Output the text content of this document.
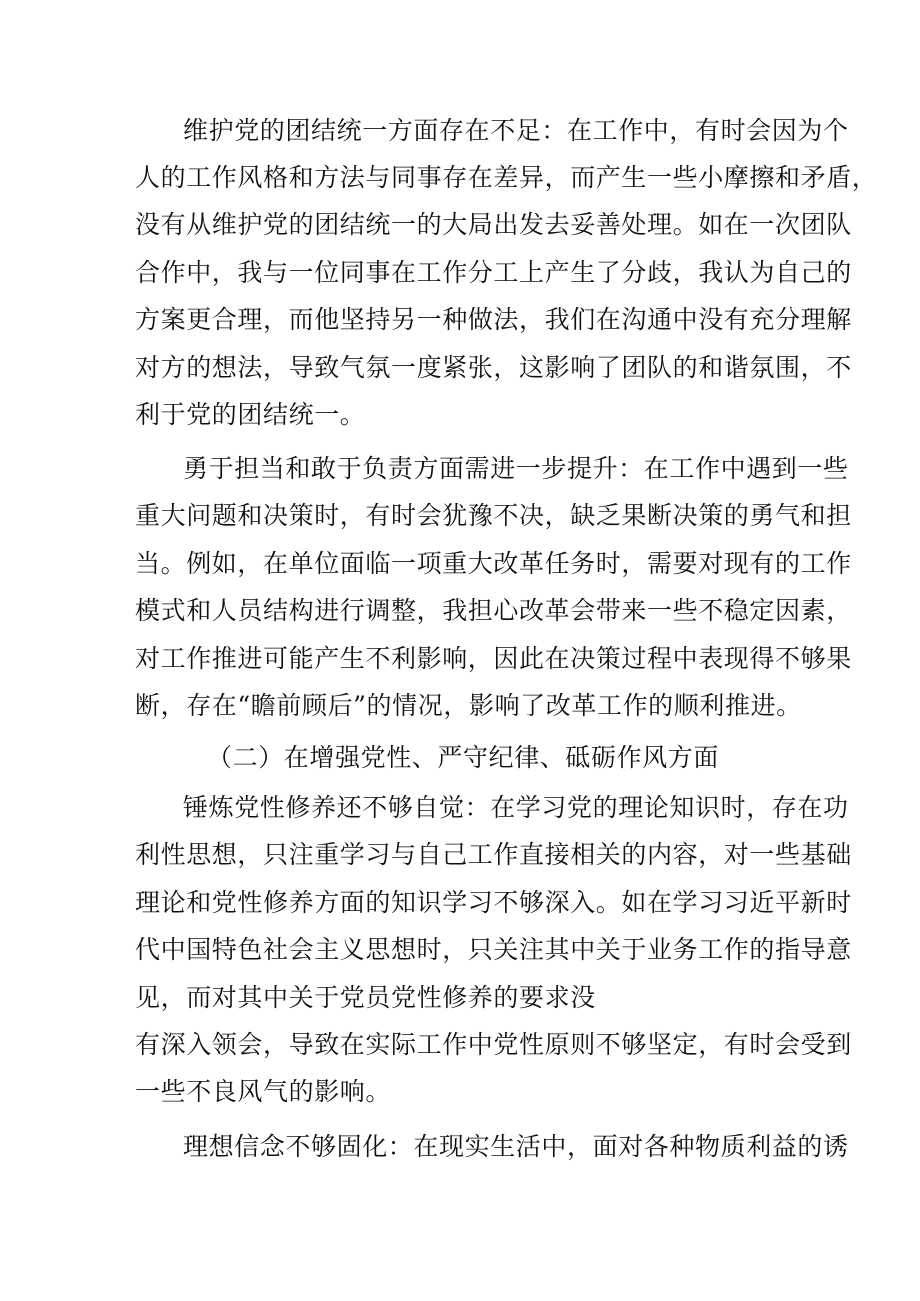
维护党的团结统一方面存在不足：在工作中，有时会因为个
人的工作风格和方法与同事存在差异，而产生一些小摩擦和矛盾，
没有从维护党的团结统一的大局出发去妥善处理。如在一次团队
合作中，我与一位同事在工作分工上产生了分歧，我认为自己的
方案更合理，而他坚持另一种做法，我们在沟通中没有充分理解
对方的想法，导致气氛一度紧张，这影响了团队的和谐氛围，不
利于党的团结统一。
勇于担当和敢于负责方面需进一步提升：在工作中遇到一些
重大问题和决策时，有时会犹豫不决，缺乏果断决策的勇气和担
当。例如，在单位面临一项重大改革任务时，需要对现有的工作
模式和人员结构进行调整，我担心改革会带来一些不稳定因素，
对工作推进可能产生不利影响，因此在决策过程中表现得不够果
断，存在“瞻前顾后”的情况，影响了改革工作的顺利推进。
（二）在增强党性、严守纪律、砥砺作风方面
锤炼党性修养还不够自觉：在学习党的理论知识时，存在功
利性思想，只注重学习与自己工作直接相关的内容，对一些基础
理论和党性修养方面的知识学习不够深入。如在学习习近平新时
代中国特色社会主义思想时，只关注其中关于业务工作的指导意
见，而对其中关于党员党性修养的要求没
有深入领会，导致在实际工作中党性原则不够坚定，有时会受到
一些不良风气的影响。
理想信念不够固化：在现实生活中，面对各种物质利益的诱
